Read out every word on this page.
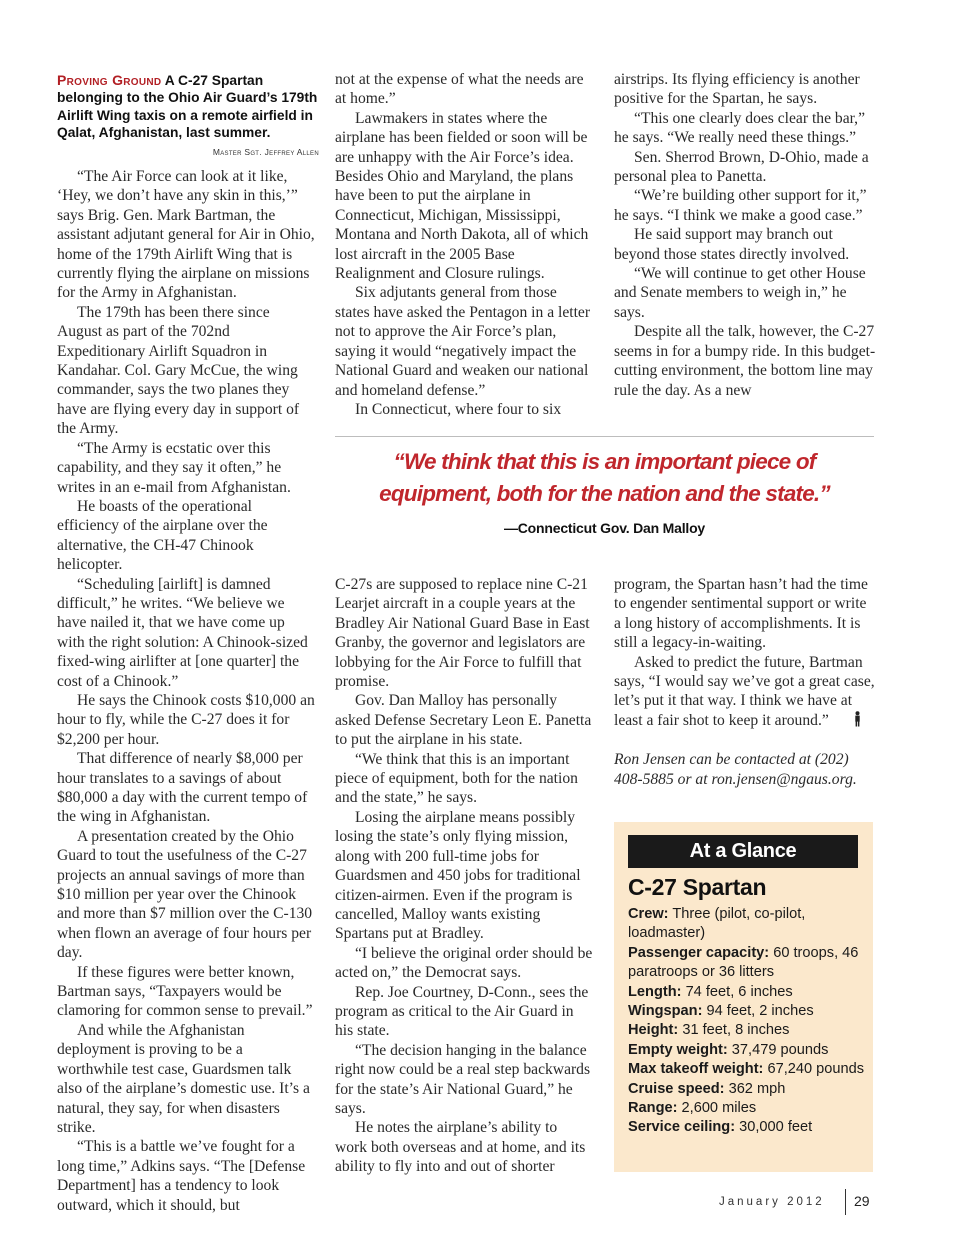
Proving Ground A C-27 Spartan belonging to the Ohio Air Guard’s 179th Airlift Wing taxis on a remote airfield in Qalat, Afghanistan, last summer.
Master Sgt. Jeffrey Allen

“The Air Force can look at it like, ‘Hey, we don’t have any skin in this,’” says Brig. Gen. Mark Bartman, the assistant adjutant general for Air in Ohio, home of the 179th Airlift Wing that is currently flying the airplane on missions for the Army in Afghanistan.

The 179th has been there since August as part of the 702nd Expeditionary Airlift Squadron in Kandahar. Col. Gary McCue, the wing commander, says the two planes they have are flying every day in support of the Army.

“The Army is ecstatic over this capability, and they say it often,” he writes in an e-mail from Afghanistan.

He boasts of the operational efficiency of the airplane over the alternative, the CH-47 Chinook helicopter.

“Scheduling [airlift] is damned difficult,” he writes. “We believe we have nailed it, that we have come up with the right solution: A Chinook-sized fixed-wing airlifter at [one quarter] the cost of a Chinook.”

He says the Chinook costs $10,000 an hour to fly, while the C-27 does it for $2,200 per hour.

That difference of nearly $8,000 per hour translates to a savings of about $80,000 a day with the current tempo of the wing in Afghanistan.

A presentation created by the Ohio Guard to tout the usefulness of the C-27 projects an annual savings of more than $10 million per year over the Chinook and more than $7 million over the C-130 when flown an average of four hours per day.

If these figures were better known, Bartman says, “Taxpayers would be clamoring for common sense to prevail.”

And while the Afghanistan deployment is proving to be a worthwhile test case, Guardsmen talk also of the airplane’s domestic use. It’s a natural, they say, for when disasters strike.

“This is a battle we’ve fought for a long time,” Adkins says. “The [Defense Department] has a tendency to look outward, which it should, but

not at the expense of what the needs are at home.”

Lawmakers in states where the airplane has been fielded or soon will be are unhappy with the Air Force’s idea. Besides Ohio and Maryland, the plans have been to put the airplane in Connecticut, Michigan, Mississippi, Montana and North Dakota, all of which lost aircraft in the 2005 Base Realignment and Closure rulings.

Six adjutants general from those states have asked the Pentagon in a letter not to approve the Air Force’s plan, saying it would “negatively impact the National Guard and weaken our national and homeland defense.”

In Connecticut, where four to six

airstrips. Its flying efficiency is another positive for the Spartan, he says.

“This one clearly does clear the bar,” he says. “We really need these things.”

Sen. Sherrod Brown, D-Ohio, made a personal plea to Panetta.

“We’re building other support for it,” he says. “I think we make a good case.”

He said support may branch out beyond those states directly involved.

“We will continue to get other House and Senate members to weigh in,” he says.

Despite all the talk, however, the C-27 seems in for a bumpy ride. In this budget-cutting environment, the bottom line may rule the day. As a new

“We think that this is an important piece of equipment, both for the nation and the state.”
—Connecticut Gov. Dan Malloy

C-27s are supposed to replace nine C-21 Learjet aircraft in a couple years at the Bradley Air National Guard Base in East Granby, the governor and legislators are lobbying for the Air Force to fulfill that promise.

Gov. Dan Malloy has personally asked Defense Secretary Leon E. Panetta to put the airplane in his state.

“We think that this is an important piece of equipment, both for the nation and the state,” he says.

Losing the airplane means possibly losing the state’s only flying mission, along with 200 full-time jobs for Guardsmen and 450 jobs for traditional citizen-airmen. Even if the program is cancelled, Malloy wants existing Spartans put at Bradley.

“I believe the original order should be acted on,” the Democrat says.

Rep. Joe Courtney, D-Conn., sees the program as critical to the Air Guard in his state.

“The decision hanging in the balance right now could be a real step backwards for the state’s Air National Guard,” he says.

He notes the airplane’s ability to work both overseas and at home, and its ability to fly into and out of shorter

program, the Spartan hasn’t had the time to engender sentimental support or write a long history of accomplishments. It is still a legacy-in-waiting.

Asked to predict the future, Bartman says, “I would say we’ve got a great case, let’s put it that way. I think we have at least a fair shot to keep it around.”

Ron Jensen can be contacted at (202) 408-5885 or at ron.jensen@ngaus.org.

At a Glance
C-27 Spartan
Crew: Three (pilot, co-pilot, loadmaster)
Passenger capacity: 60 troops, 46 paratroops or 36 litters
Length: 74 feet, 6 inches
Wingspan: 94 feet, 2 inches
Height: 31 feet, 8 inches
Empty weight: 37,479 pounds
Max takeoff weight: 67,240 pounds
Cruise speed: 362 mph
Range: 2,600 miles
Service ceiling: 30,000 feet
January 2012 29
